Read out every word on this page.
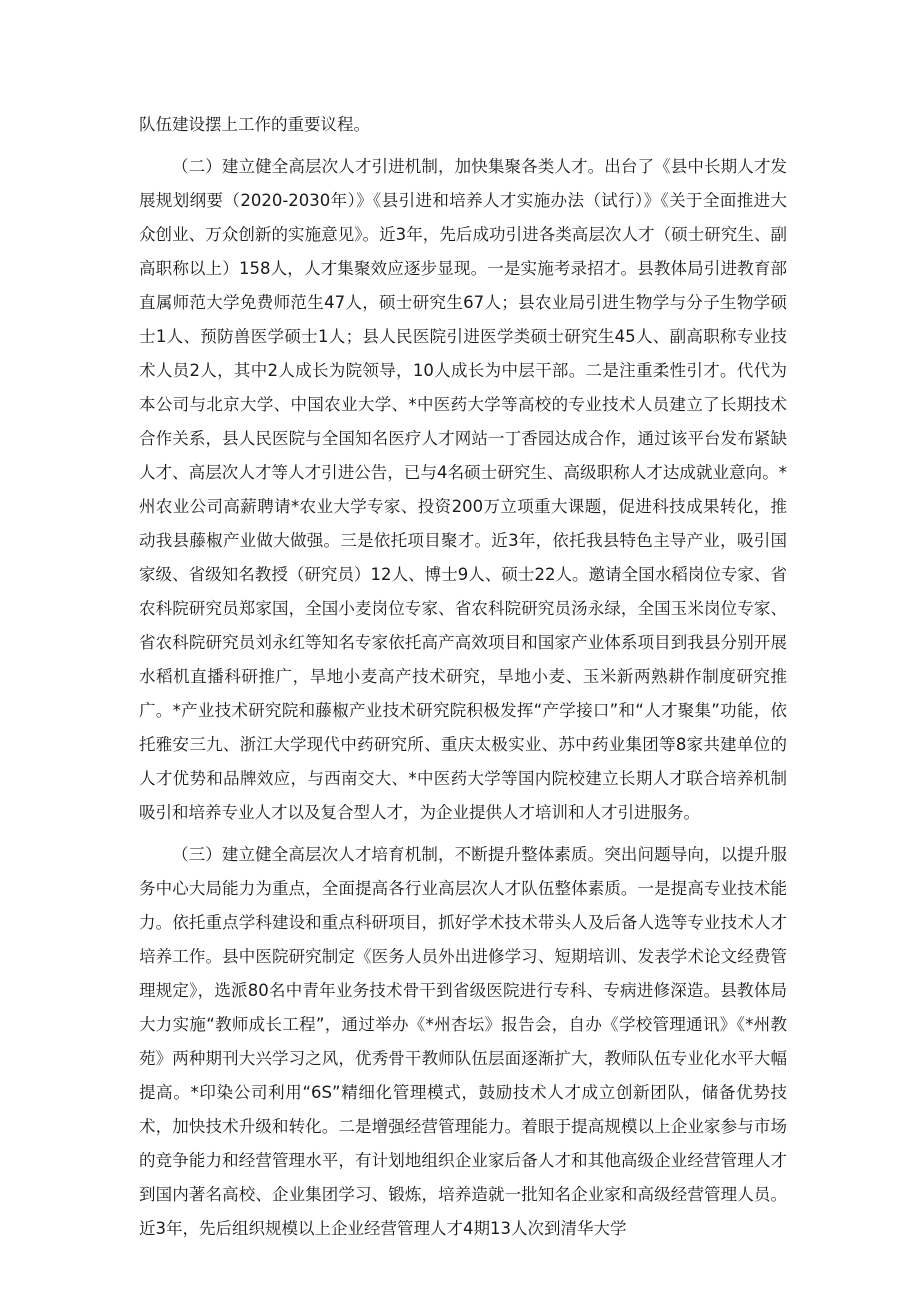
队伍建设摆上工作的重要议程。

（二）建立健全高层次人才引进机制，加快集聚各类人才。出台了《县中长期人才发展规划纲要（2020-2030年）》《县引进和培养人才实施办法（试行）》《关于全面推进大众创业、万众创新的实施意见》。近3年，先后成功引进各类高层次人才（硕士研究生、副高职称以上）158人，人才集聚效应逐步显现。一是实施考录招才。县教体局引进教育部直属师范大学免费师范生47人，硕士研究生67人；县农业局引进生物学与分子生物学硕士1人、预防兽医学硕士1人；县人民医院引进医学类硕士研究生45人、副高职称专业技术人员2人，其中2人成长为院领导，10人成长为中层干部。二是注重柔性引才。代代为本公司与北京大学、中国农业大学、*中医药大学等高校的专业技术人员建立了长期技术合作关系，县人民医院与全国知名医疗人才网站一丁香园达成合作，通过该平台发布紧缺人才、高层次人才等人才引进公告，已与4名硕士研究生、高级职称人才达成就业意向。*州农业公司高薪聘请*农业大学专家、投资200万立项重大课题，促进科技成果转化，推动我县藤椒产业做大做强。三是依托项目聚才。近3年，依托我县特色主导产业，吸引国家级、省级知名教授（研究员）12人、博士9人、硕士22人。邀请全国水稻岗位专家、省农科院研究员郑家国，全国小麦岗位专家、省农科院研究员汤永绿，全国玉米岗位专家、省农科院研究员刘永红等知名专家依托高产高效项目和国家产业体系项目到我县分别开展水稻机直播科研推广，旱地小麦高产技术研究，旱地小麦、玉米新两熟耕作制度研究推广。*产业技术研究院和藤椒产业技术研究院积极发挥“产学接口”和“人才聚集”功能，依托雅安三九、浙江大学现代中药研究所、重庆太极实业、苏中药业集团等8家共建单位的人才优势和品牌效应，与西南交大、*中医药大学等国内院校建立长期人才联合培养机制吸引和培养专业人才以及复合型人才，为企业提供人才培训和人才引进服务。

（三）建立健全高层次人才培育机制，不断提升整体素质。突出问题导向，以提升服务中心大局能力为重点，全面提高各行业高层次人才队伍整体素质。一是提高专业技术能力。依托重点学科建设和重点科研项目，抓好学术技术带头人及后备人选等专业技术人才培养工作。县中医院研究制定《医务人员外出进修学习、短期培训、发表学术论文经费管理规定》，选派80名中青年业务技术骨干到省级医院进行专科、专病进修深造。县教体局大力实施“教师成长工程”，通过举办《*州杏坛》报告会，自办《学校管理通讯》《*州教苑》两种期刊大兴学习之风，优秀骨干教师队伍层面逐渐扩大，教师队伍专业化水平大幅提高。*印染公司利用“6S”精细化管理模式，鼓励技术人才成立创新团队，储备优势技术，加快技术升级和转化。二是增强经营管理能力。着眼于提高规模以上企业家参与市场的竞争能力和经营管理水平，有计划地组织企业家后备人才和其他高级企业经营管理人才到国内著名高校、企业集团学习、锻炼，培养造就一批知名企业家和高级经营管理人员。近3年，先后组织规模以上企业经营管理人才4期13人次到清华大学
